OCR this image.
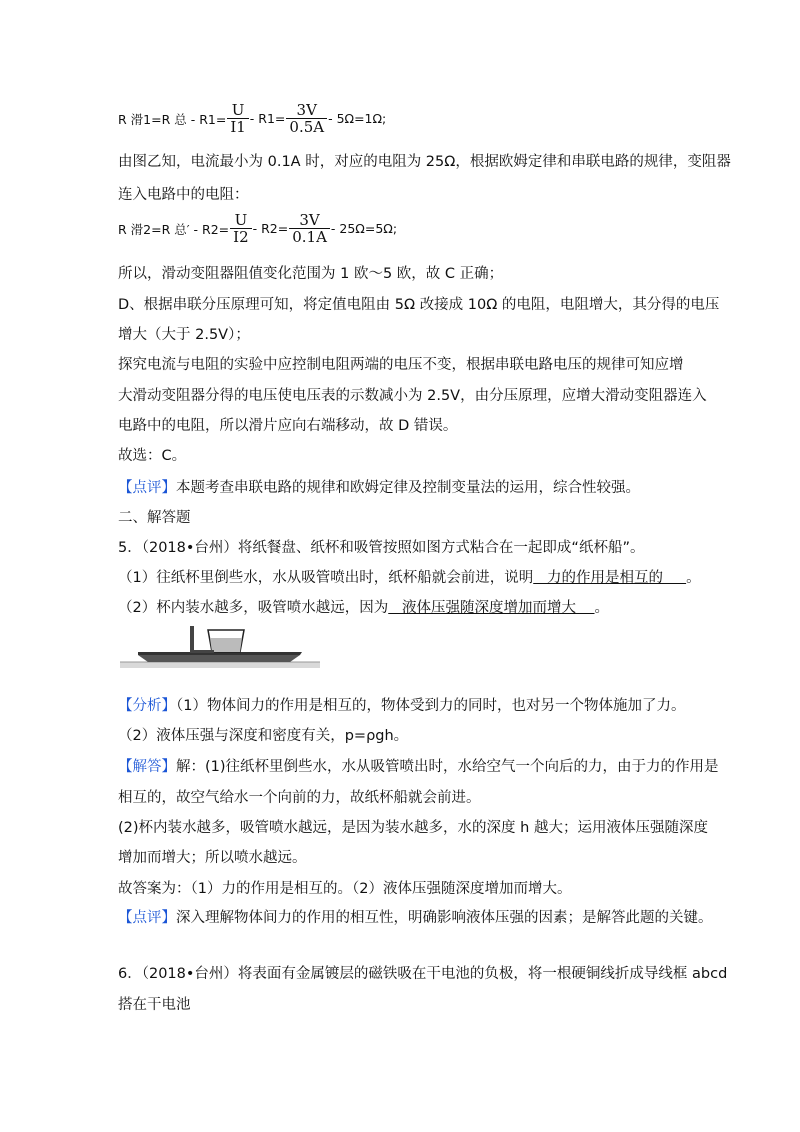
R 滑1=R 总 - $R1= \frac{U}{I1} - R1= \frac{3V}{0.5A} - 5\Omega=1\Omega$;
由图乙知，电流最小为 0.1A 时，对应的电阻为 25Ω，根据欧姆定律和串联电路的规律，变阻器
连入电路中的电阻：
R 滑2=R 总′ - $R2= \frac{U}{I2} - R2= \frac{3V}{0.1A} - 25\Omega=5\Omega$;
所以，滑动变阻器阻值变化范围为 1 欧～5 欧，故 C 正确；
D、根据串联分压原理可知，将定值电阻由 5Ω 改接成 10Ω 的电阻，电阻增大，其分得的电压
增大（大于 2.5V）；
探究电流与电阻的实验中应控制电阻两端的电压不变，根据串联电路电压的规律可知应增
大滑动变阻器分得的电压使电压表的示数减小为 2.5V，由分压原理，应增大滑动变阻器连入
电路中的电阻，所以滑片应向右端移动，故 D 错误。
故选：C。
【点评】本题考查串联电路的规律和欧姆定律及控制变量法的运用，综合性较强。
二、解答题
5．（2018•台州）将纸餐盘、纸杯和吸管按照如图方式粘合在一起即成“纸杯船”。
（1）往纸杯里倒些水，水从吸管喷出时，纸杯船就会前进，说明   力的作用是相互的     。
（2）杯内装水越多，吸管喷水越远，因为   液体压强随深度增加而增大    。
【分析】（1）物体间力的作用是相互的，物体受到力的同时，也对另一个物体施加了力。
（2）液体压强与深度和密度有关，p=ρgh。
【解答】解：(1)往纸杯里倒些水，水从吸管喷出时，水给空气一个向后的力，由于力的作用是
相互的，故空气给水一个向前的力，故纸杯船就会前进。
(2)杯内装水越多，吸管喷水越远，是因为装水越多，水的深度 h 越大；运用液体压强随深度
增加而增大；所以喷水越远。
故答案为：（1）力的作用是相互的。（2）液体压强随深度增加而增大。
【点评】深入理解物体间力的作用的相互性，明确影响液体压强的因素；是解答此题的关键。
6．（2018•台州）将表面有金属镀层的磁铁吸在干电池的负极，将一根硬铜线折成导线框 abcd
搭在干电池
